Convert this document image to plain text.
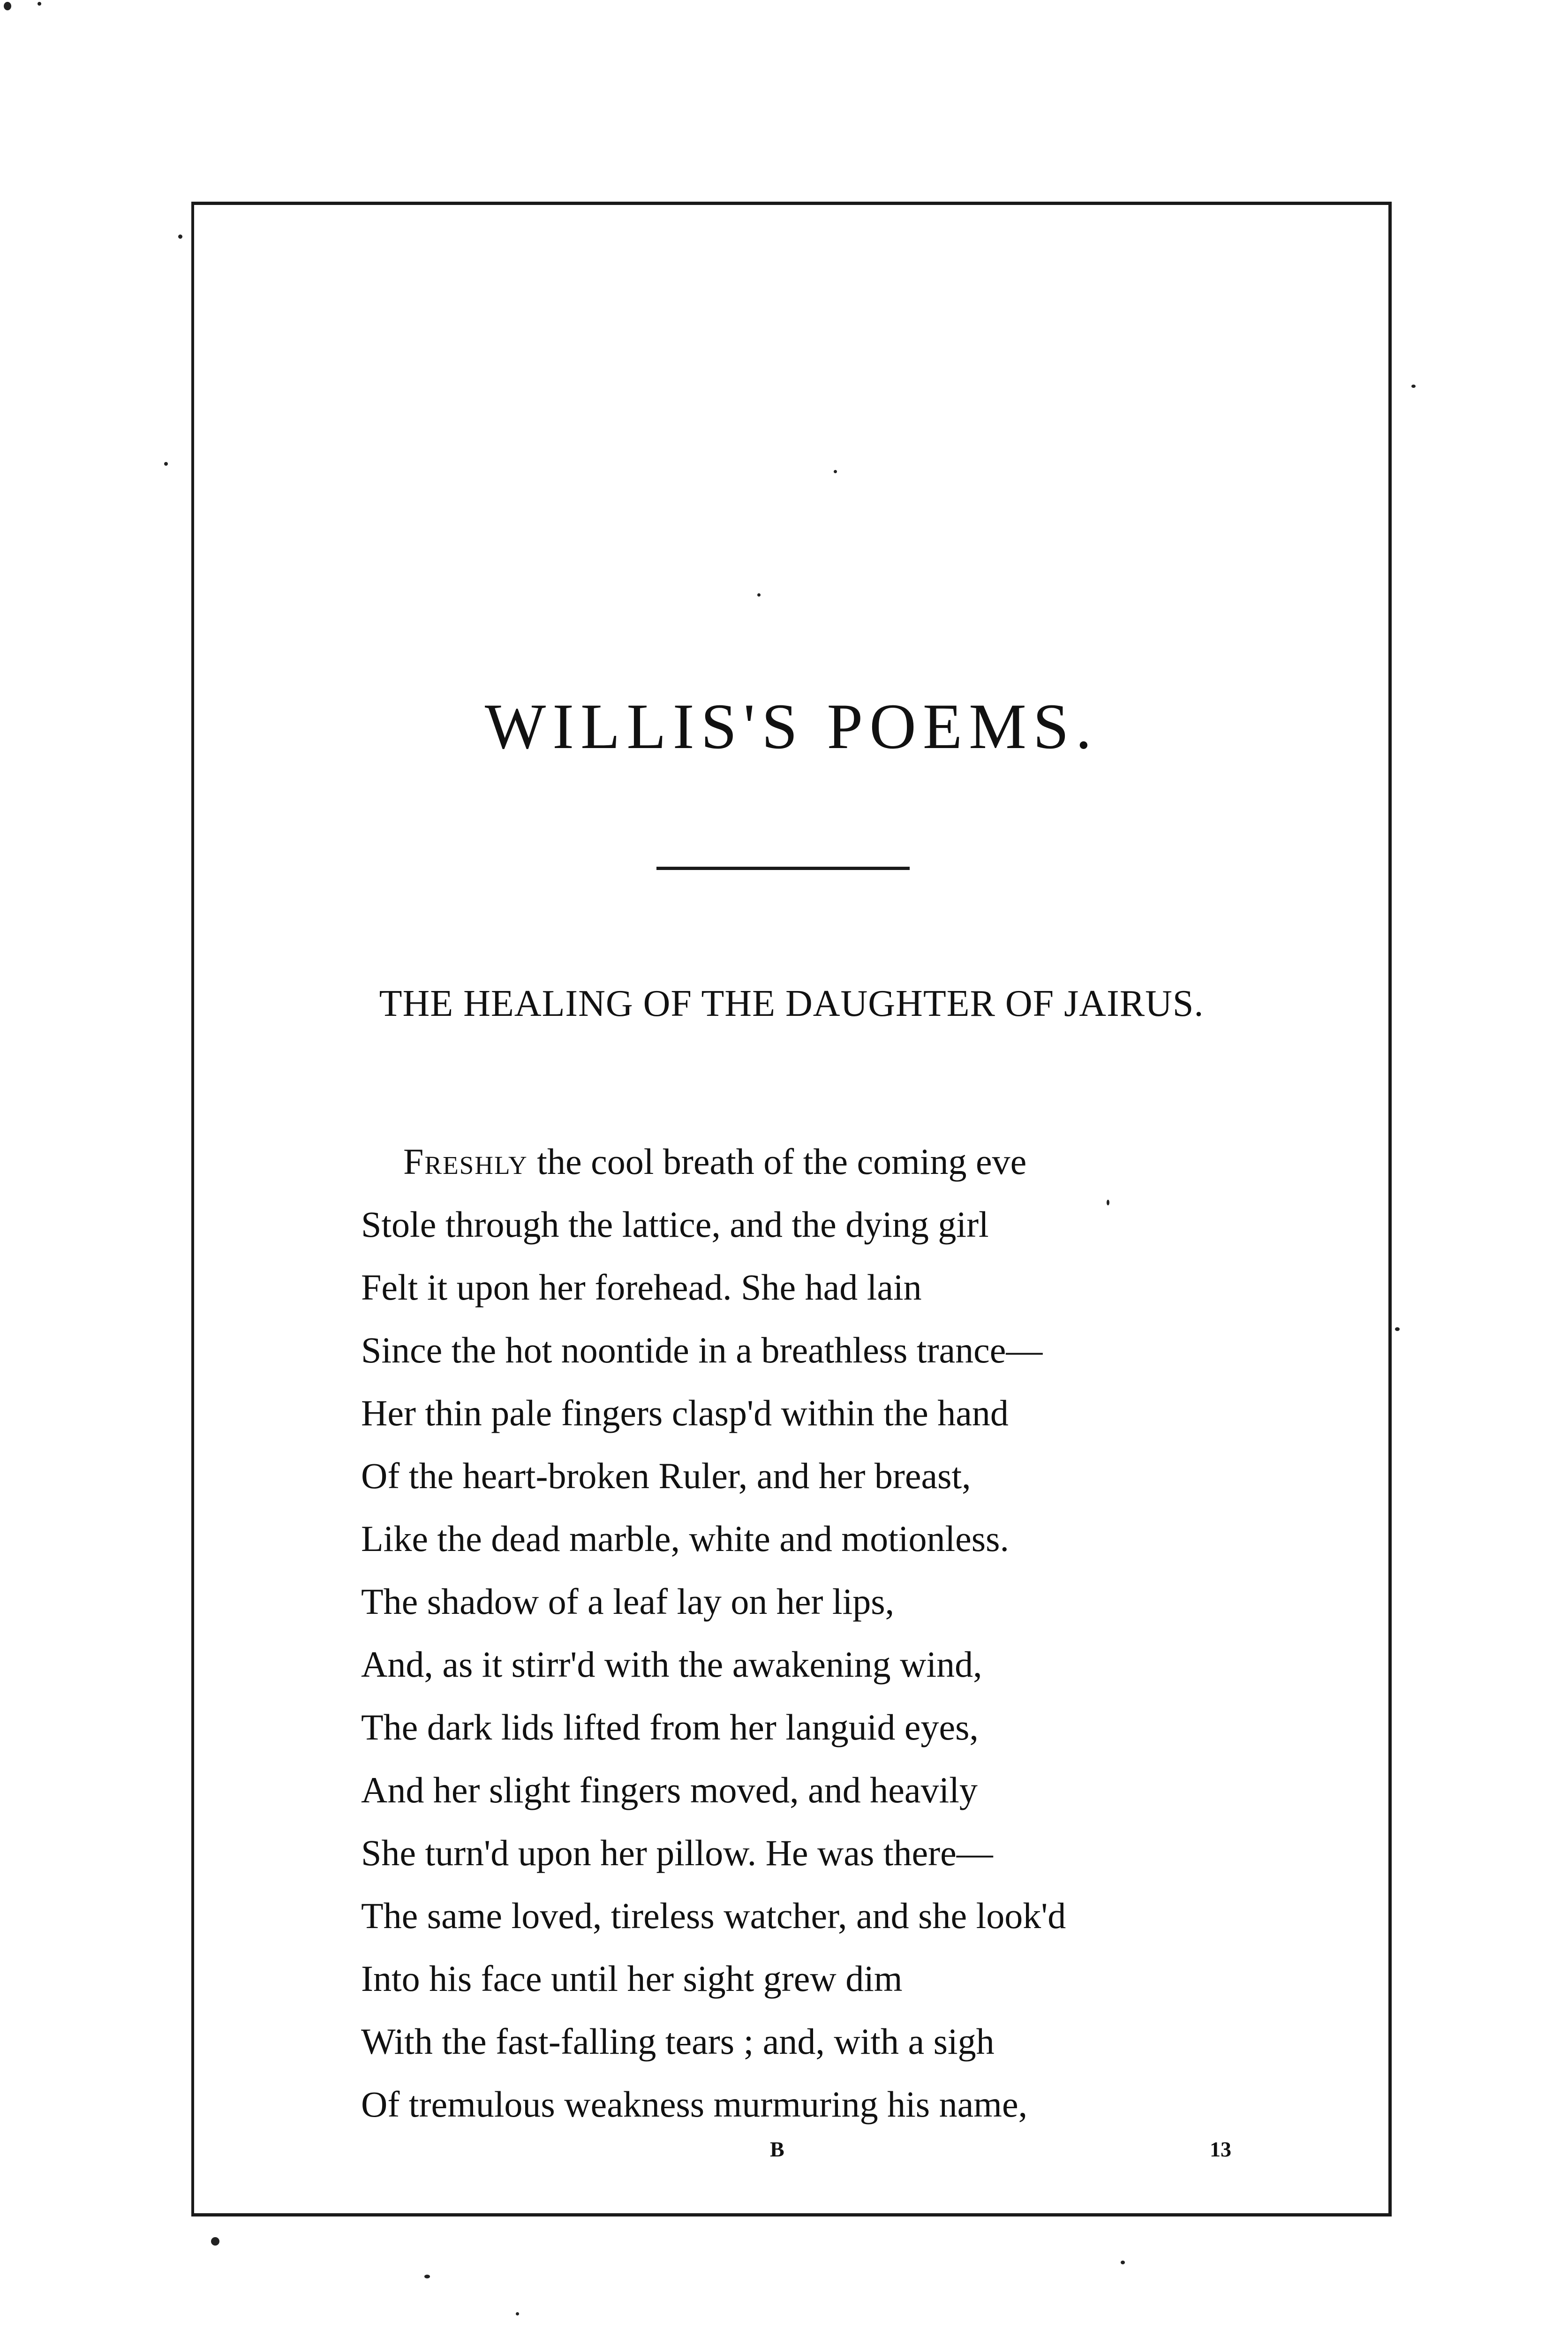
WILLIS'S POEMS.
THE HEALING OF THE DAUGHTER OF JAIRUS.
Freshly the cool breath of the coming eve
Stole through the lattice, and the dying girl
Felt it upon her forehead. She had lain
Since the hot noontide in a breathless trance—
Her thin pale fingers clasp'd within the hand
Of the heart-broken Ruler, and her breast,
Like the dead marble, white and motionless.
The shadow of a leaf lay on her lips,
And, as it stirr'd with the awakening wind,
The dark lids lifted from her languid eyes,
And her slight fingers moved, and heavily
She turn'd upon her pillow. He was there—
The same loved, tireless watcher, and she look'd
Into his face until her sight grew dim
With the fast-falling tears ; and, with a sigh
Of tremulous weakness murmuring his name,
B	13
